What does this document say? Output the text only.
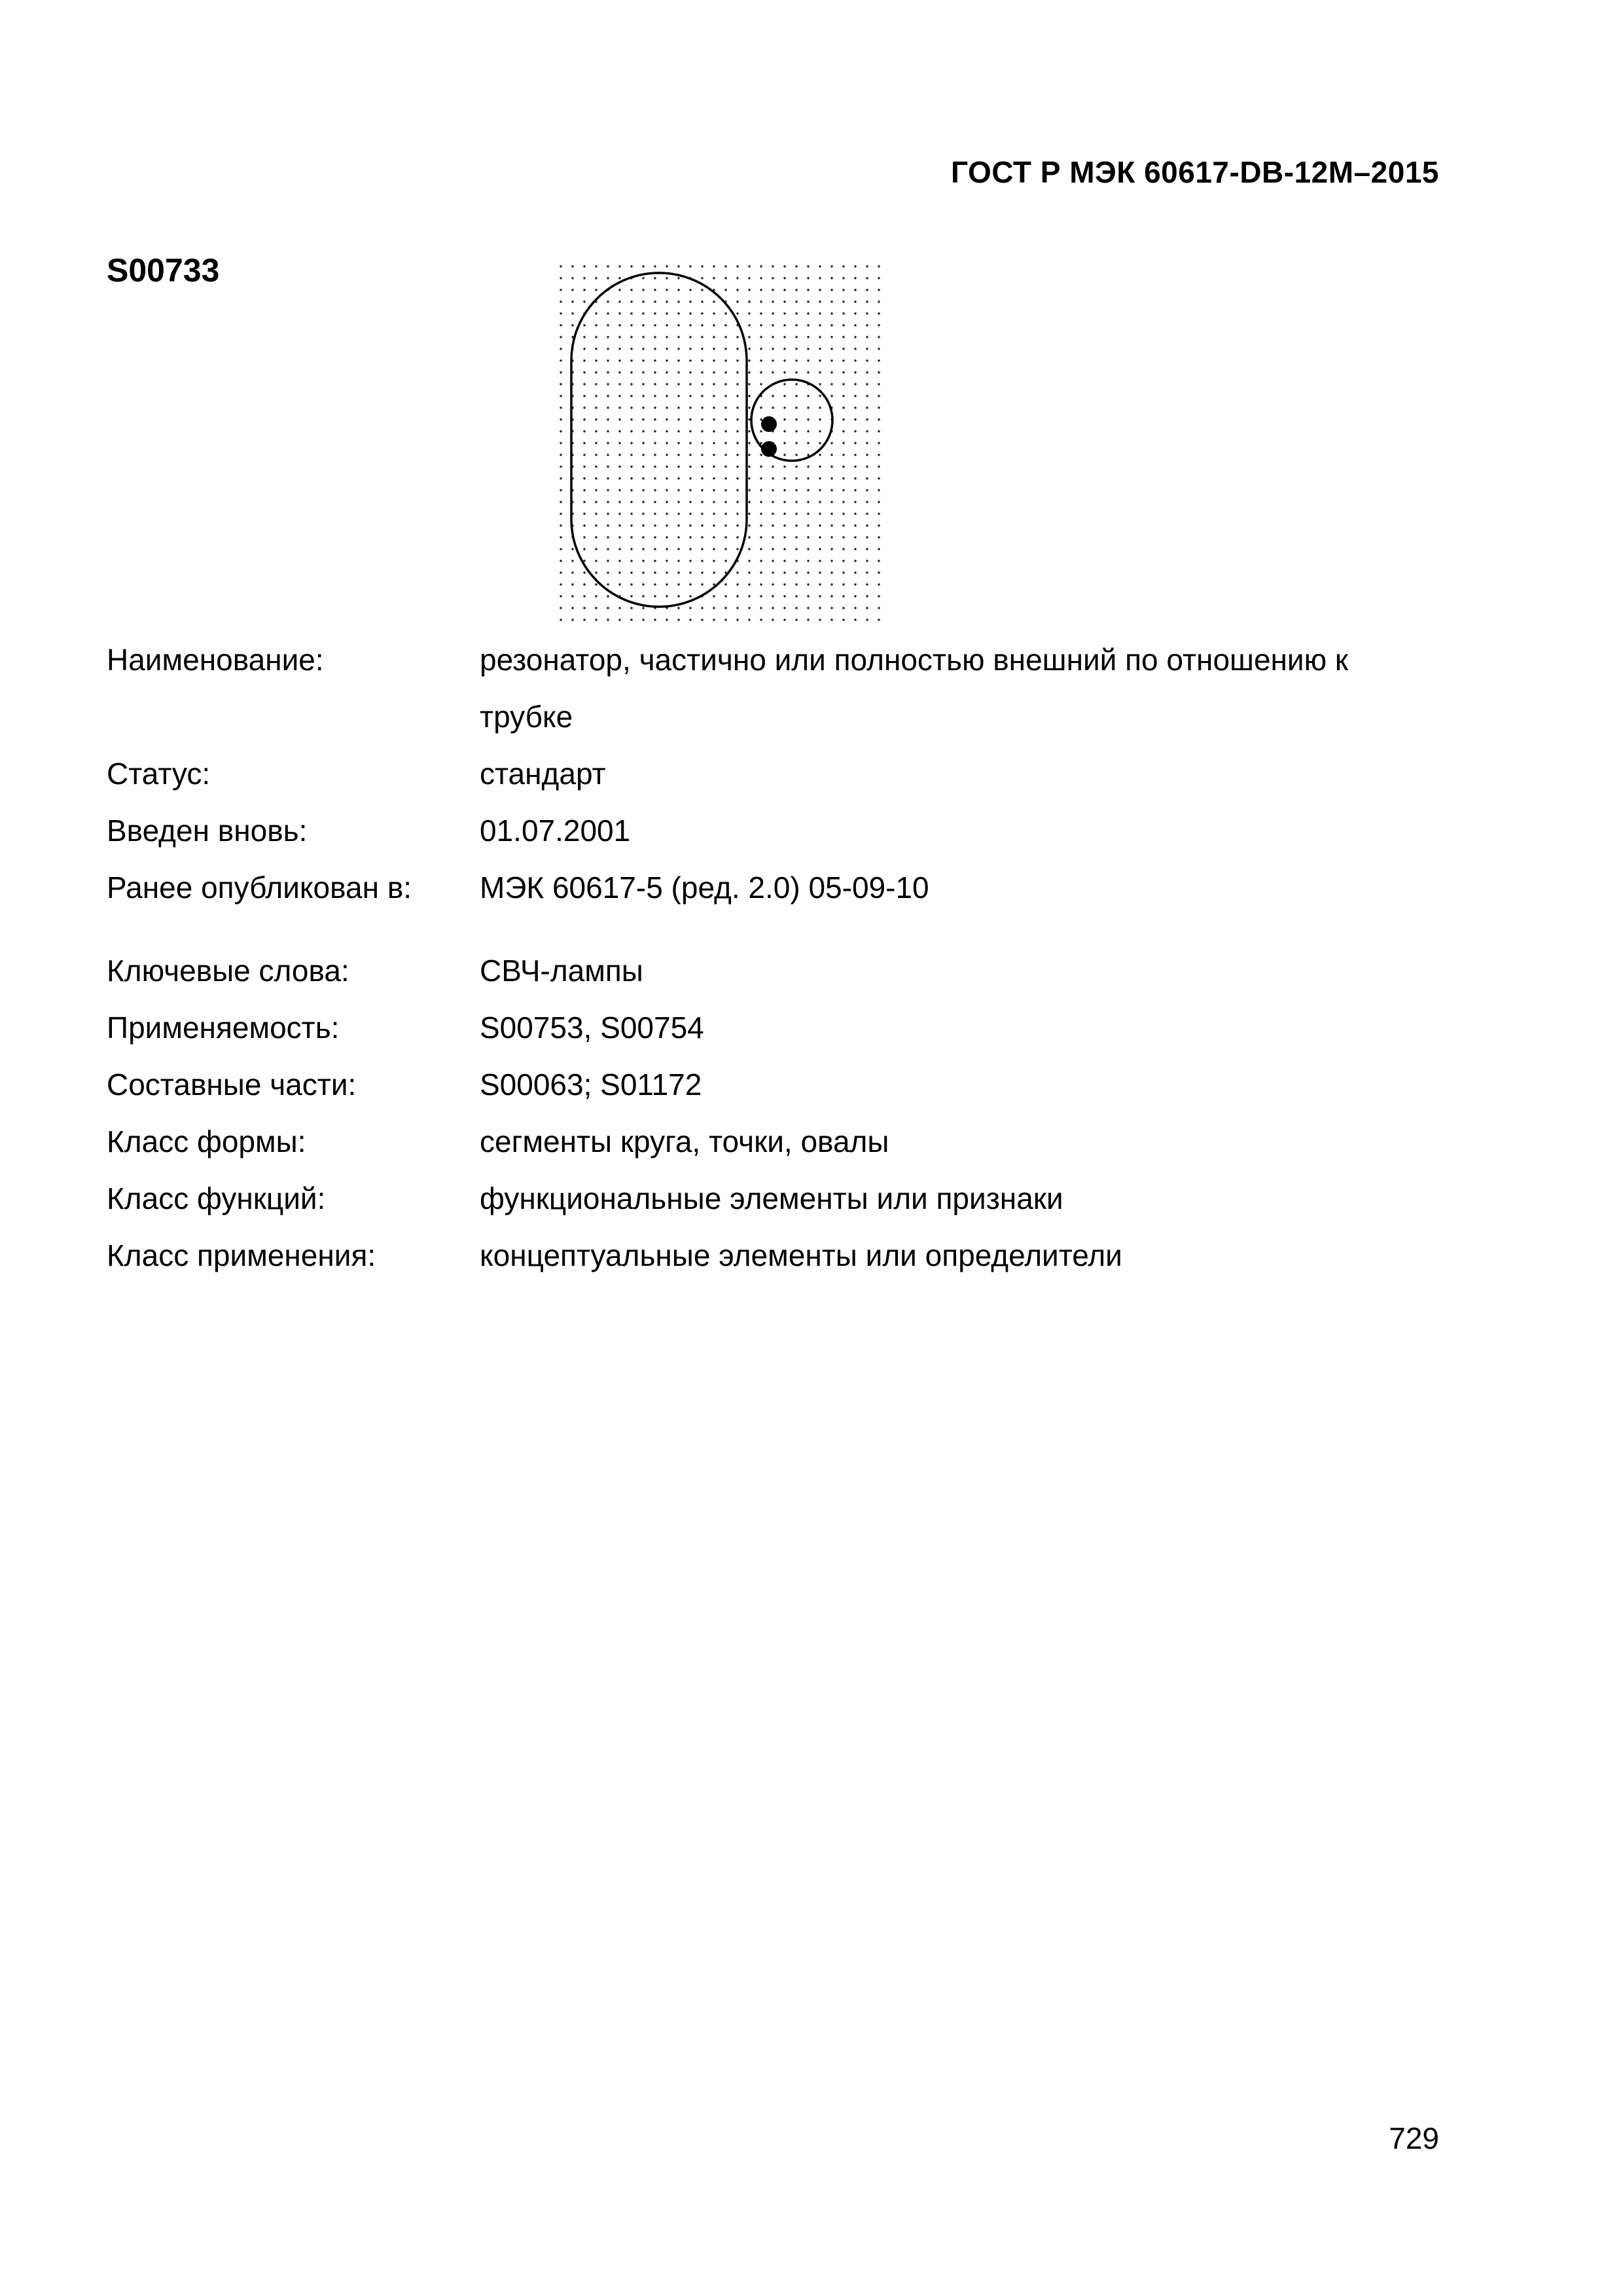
ГОСТ Р МЭК 60617-DB-12M–2015
S00733
Наименование:	резонатор, частично или полностью внешний по отношению к трубке
Статус:	стандарт
Введен вновь:	01.07.2001
Ранее опубликован в:	МЭК 60617-5 (ред. 2.0) 05-09-10
Ключевые слова:	СВЧ-лампы
Применяемость:	S00753, S00754
Составные части:	S00063; S01172
Класс формы:	сегменты круга, точки, овалы
Класс функций:	функциональные элементы или признаки
Класс применения:	концептуальные элементы или определители
729
